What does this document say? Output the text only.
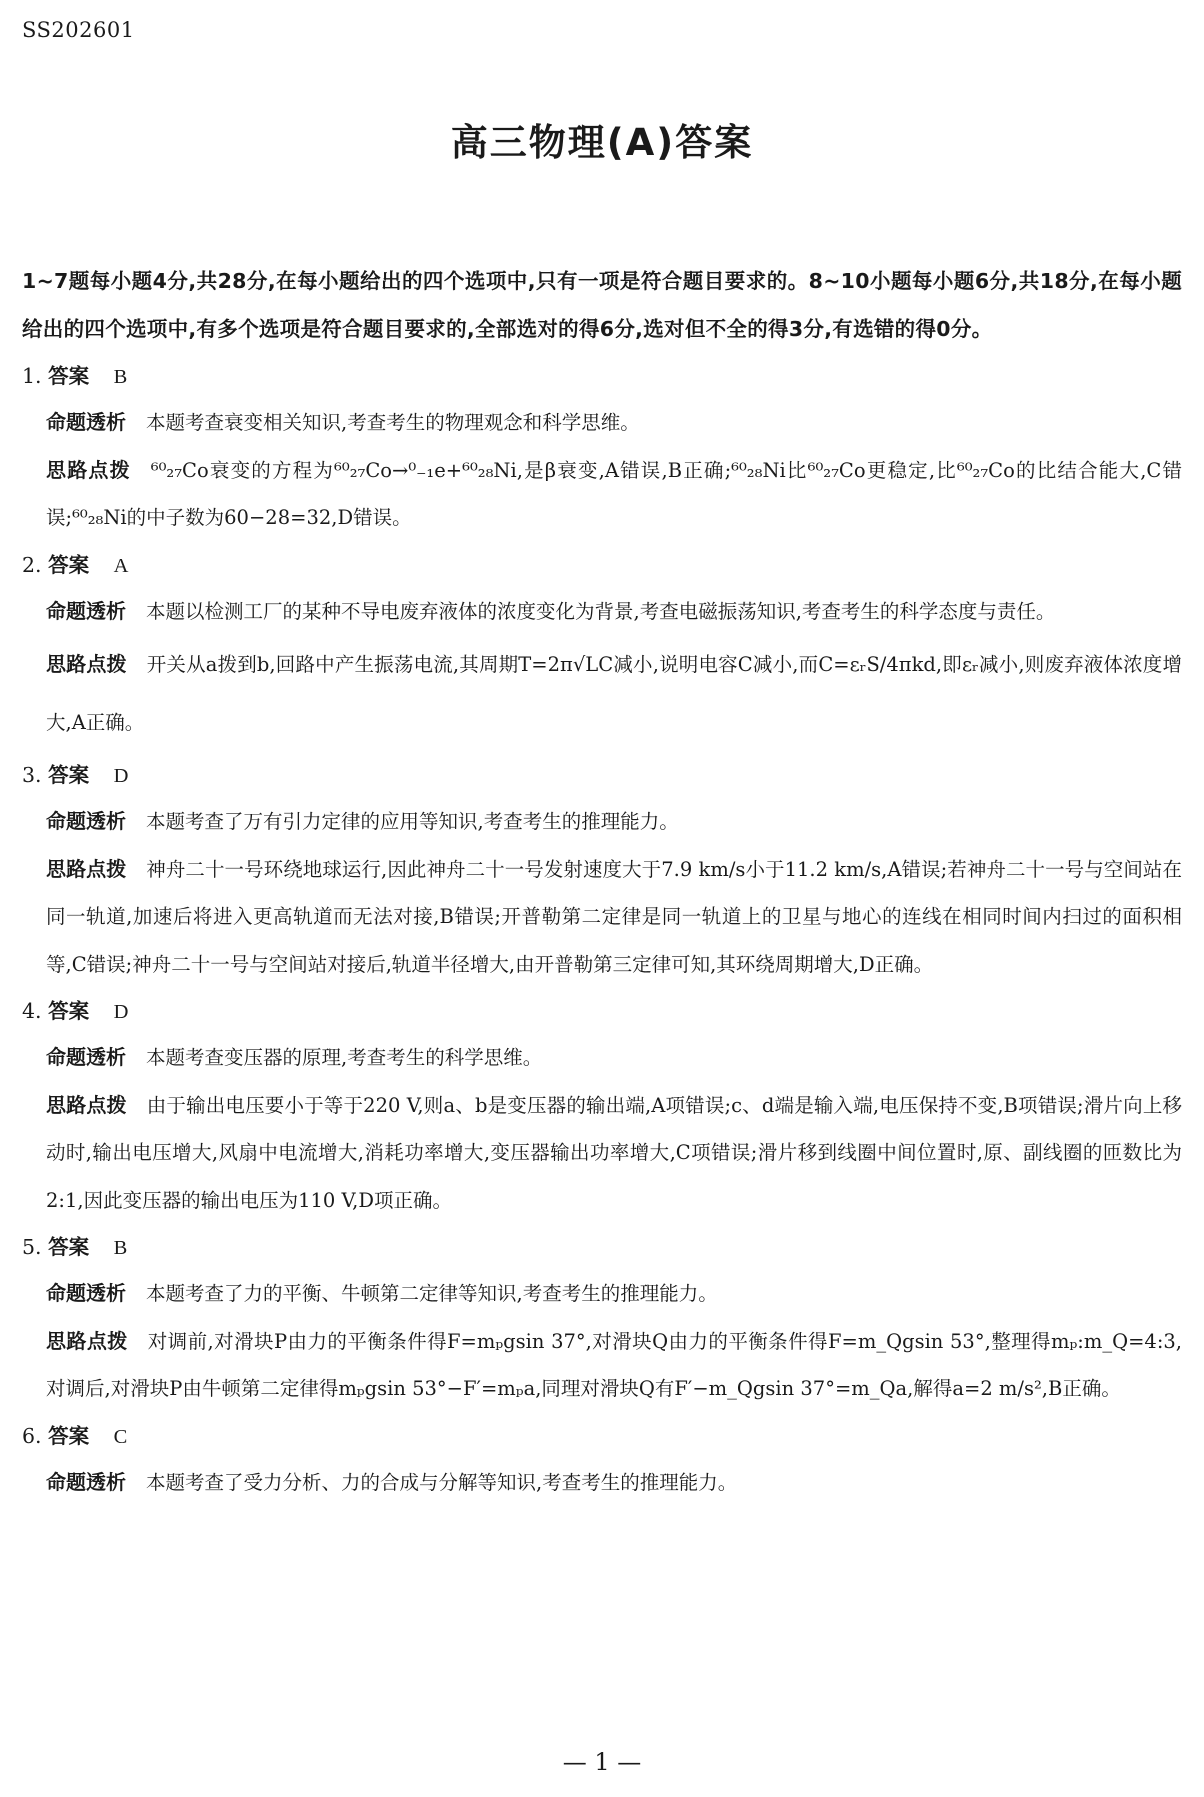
SS202601
高三物理(A)答案

1~7题每小题4分,共28分,在每小题给出的四个选项中,只有一项是符合题目要求的。8~10小题每小题6分,共18分,在每小题给出的四个选项中,有多个选项是符合题目要求的,全部选对的得6分,选对但不全的得3分,有选错的得0分。

1. 答案 B

命题透析 本题考查衰变相关知识,考查考生的物理观念和科学思维。

思路点拨 ⁶⁰₂₇Co衰变的方程为⁶⁰₂₇Co→⁰₋₁e+⁶⁰₂₈Ni,是β衰变,A错误,B正确;⁶⁰₂₈Ni比⁶⁰₂₇Co更稳定,比⁶⁰₂₇Co的比结合能大,C错误;⁶⁰₂₈Ni的中子数为60−28=32,D错误。

2. 答案 A

命题透析 本题以检测工厂的某种不导电废弃液体的浓度变化为背景,考查电磁振荡知识,考查考生的科学态度与责任。

思路点拨 开关从a拨到b,回路中产生振荡电流,其周期T=2π√LC减小,说明电容C减小,而C=εᵣS/4πkd,即εᵣ减小,则废弃液体浓度增大,A正确。

3. 答案 D

命题透析 本题考查了万有引力定律的应用等知识,考查考生的推理能力。

思路点拨 神舟二十一号环绕地球运行,因此神舟二十一号发射速度大于7.9 km/s小于11.2 km/s,A错误;若神舟二十一号与空间站在同一轨道,加速后将进入更高轨道而无法对接,B错误;开普勒第二定律是同一轨道上的卫星与地心的连线在相同时间内扫过的面积相等,C错误;神舟二十一号与空间站对接后,轨道半径增大,由开普勒第三定律可知,其环绕周期增大,D正确。

4. 答案 D

命题透析 本题考查变压器的原理,考查考生的科学思维。

思路点拨 由于输出电压要小于等于220 V,则a、b是变压器的输出端,A项错误;c、d端是输入端,电压保持不变,B项错误;滑片向上移动时,输出电压增大,风扇中电流增大,消耗功率增大,变压器输出功率增大,C项错误;滑片移到线圈中间位置时,原、副线圈的匝数比为2:1,因此变压器的输出电压为110 V,D项正确。

5. 答案 B

命题透析 本题考查了力的平衡、牛顿第二定律等知识,考查考生的推理能力。

思路点拨 对调前,对滑块P由力的平衡条件得F=mₚgsin 37°,对滑块Q由力的平衡条件得F=m_Qgsin 53°,整理得mₚ:m_Q=4:3,对调后,对滑块P由牛顿第二定律得mₚgsin 53°−F′=mₚa,同理对滑块Q有F′−m_Qgsin 37°=m_Qa,解得a=2 m/s²,B正确。

6. 答案 C

命题透析 本题考查了受力分析、力的合成与分解等知识,考查考生的推理能力。

— 1 —
